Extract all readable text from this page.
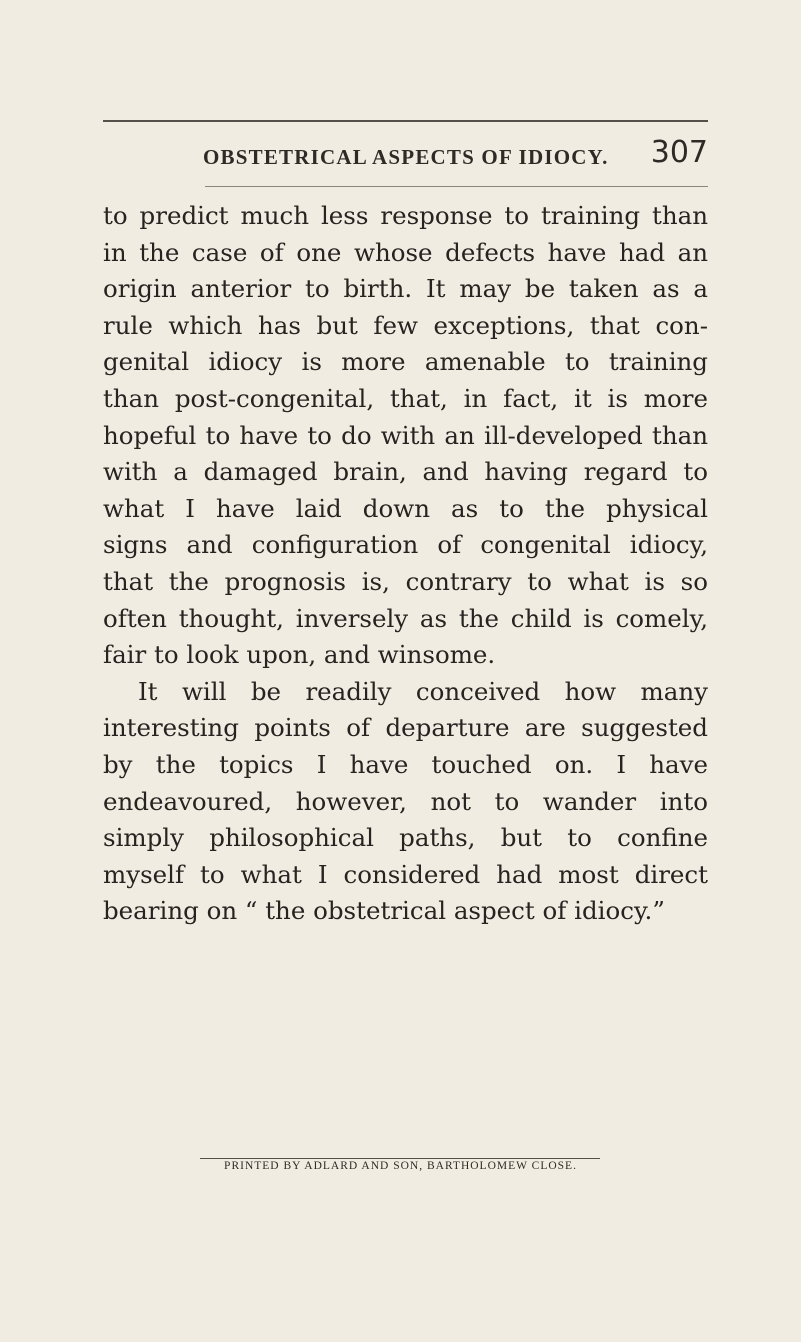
OBSTETRICAL ASPECTS OF IDIOCY. 307
to predict much less response to training than
in the case of one whose defects have had an
origin anterior to birth. It may be taken as a
rule which has but few exceptions, that con-
genital idiocy is more amenable to training
than post-congenital, that, in fact, it is more
hopeful to have to do with an ill-developed than
with a damaged brain, and having regard to
what I have laid down as to the physical
signs and configuration of congenital idiocy,
that the prognosis is, contrary to what is so
often thought, inversely as the child is comely,
fair to look upon, and winsome.
It will be readily conceived how many
interesting points of departure are suggested
by the topics I have touched on. I have
endeavoured, however, not to wander into
simply philosophical paths, but to confine
myself to what I considered had most direct
bearing on “ the obstetrical aspect of idiocy.”
PRINTED BY ADLARD AND SON, BARTHOLOMEW CLOSE.
